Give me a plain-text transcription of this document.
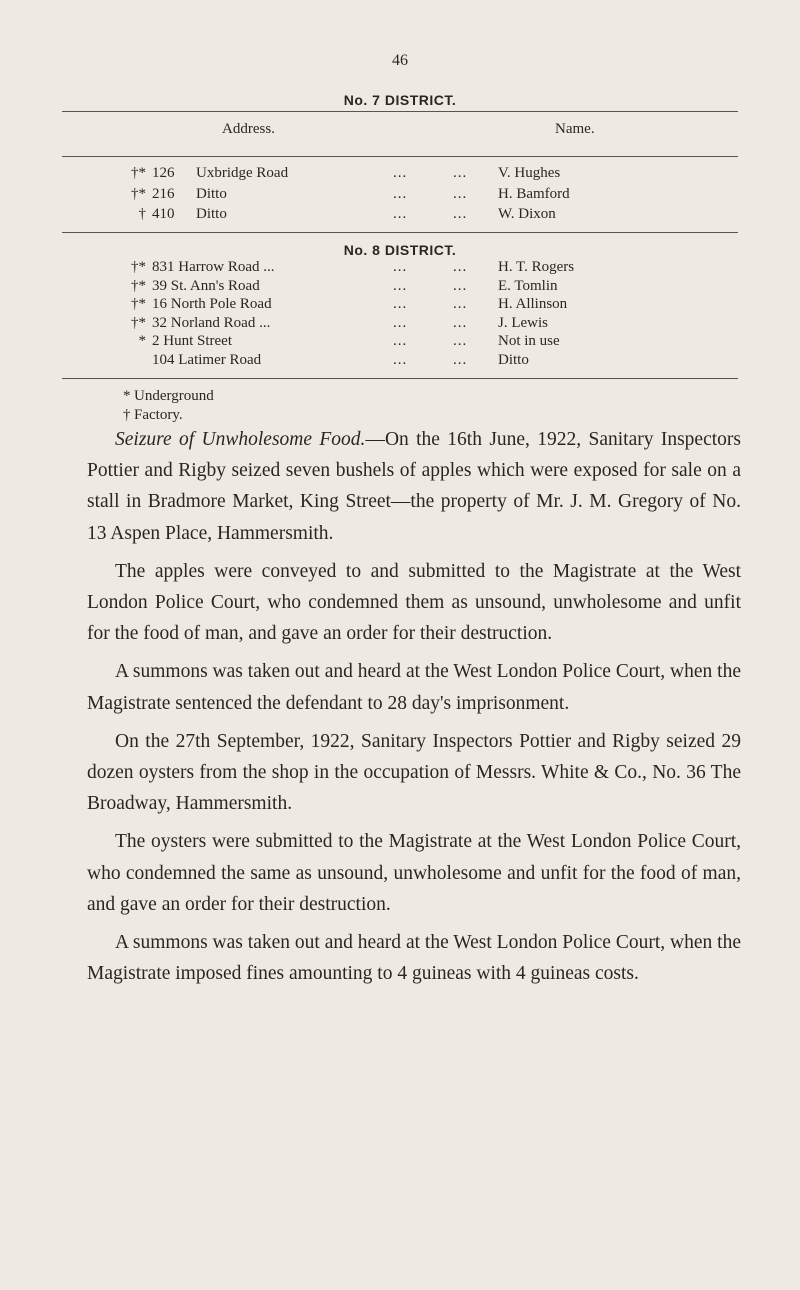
46
No. 7 DISTRICT.
Address.	Name.
†* 126 Uxbridge Road	...	... V. Hughes
†* 216 Ditto	...	... H. Bamford
† 410 Ditto	...	... W. Dixon
No. 8 DISTRICT.
†* 831 Harrow Road ...	...	... H. T. Rogers
†* 39 St. Ann's Road	...	... E. Tomlin
†* 16 North Pole Road	...	... H. Allinson
†* 32 Norland Road ...	...	... J. Lewis
* 2 Hunt Street	...	... Not in use
104 Latimer Road	...	... Ditto
* Underground
† Factory.

Seizure of Unwholesome Food.—On the 16th June, 1922, Sanitary Inspectors Pottier and Rigby seized seven bushels of apples which were exposed for sale on a stall in Bradmore Market, King Street—the property of Mr. J. M. Gregory of No. 13 Aspen Place, Hammersmith.

The apples were conveyed to and submitted to the Magistrate at the West London Police Court, who condemned them as unsound, unwholesome and unfit for the food of man, and gave an order for their destruction.

A summons was taken out and heard at the West London Police Court, when the Magistrate sentenced the defendant to 28 day's imprisonment.

On the 27th September, 1922, Sanitary Inspectors Pottier and Rigby seized 29 dozen oysters from the shop in the occupation of Messrs. White & Co., No. 36 The Broadway, Hammersmith.

The oysters were submitted to the Magistrate at the West London Police Court, who condemned the same as unsound, unwholesome and unfit for the food of man, and gave an order for their destruction.

A summons was taken out and heard at the West London Police Court, when the Magistrate imposed fines amounting to 4 guineas with 4 guineas costs.
